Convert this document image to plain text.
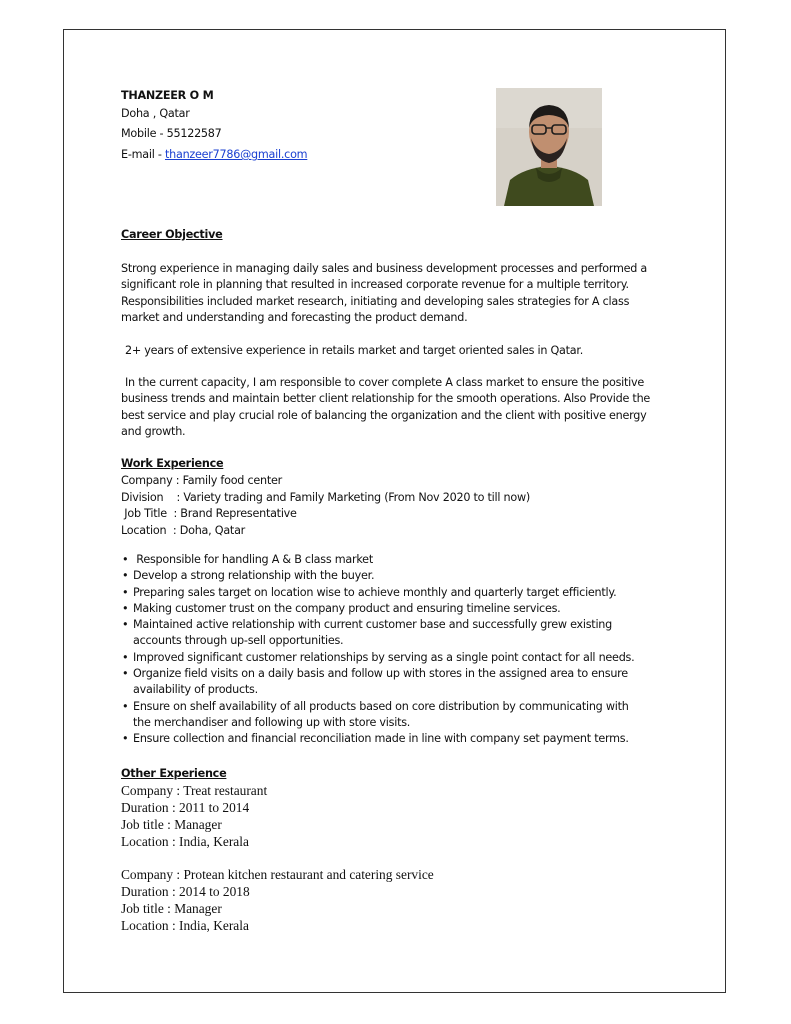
THANZEER O M
Doha , Qatar
Mobile - 55122587
E-mail - thanzeer7786@gmail.com
Career Objective
Strong experience in managing daily sales and business development processes and performed a significant role in planning that resulted in increased corporate revenue for a multiple territory. Responsibilities included market research, initiating and developing sales strategies for A class market and understanding and forecasting the product demand.
2+ years of extensive experience in retails market and target oriented sales in Qatar.
In the current capacity, I am responsible to cover complete A class market to ensure the positive business trends and maintain better client relationship for the smooth operations. Also Provide the best service and play crucial role of balancing the organization and the client with positive energy and growth.
Work Experience
Company : Family food center
Division    : Variety trading and Family Marketing (From Nov 2020 to till now)
Job Title  : Brand Representative
Location  : Doha, Qatar
•  Responsible for handling A & B class market
• Develop a strong relationship with the buyer.
• Preparing sales target on location wise to achieve monthly and quarterly target efficiently.
• Making customer trust on the company product and ensuring timeline services.
• Maintained active relationship with current customer base and successfully grew existing accounts through up-sell opportunities.
• Improved significant customer relationships by serving as a single point contact for all needs.
• Organize field visits on a daily basis and follow up with stores in the assigned area to ensure availability of products.
• Ensure on shelf availability of all products based on core distribution by communicating with the merchandiser and following up with store visits.
• Ensure collection and financial reconciliation made in line with company set payment terms.
Other Experience
Company : Treat restaurant
Duration : 2011 to 2014
Job title : Manager
Location : India, Kerala
Company : Protean kitchen restaurant and catering service
Duration : 2014 to 2018
Job title : Manager
Location : India, Kerala
